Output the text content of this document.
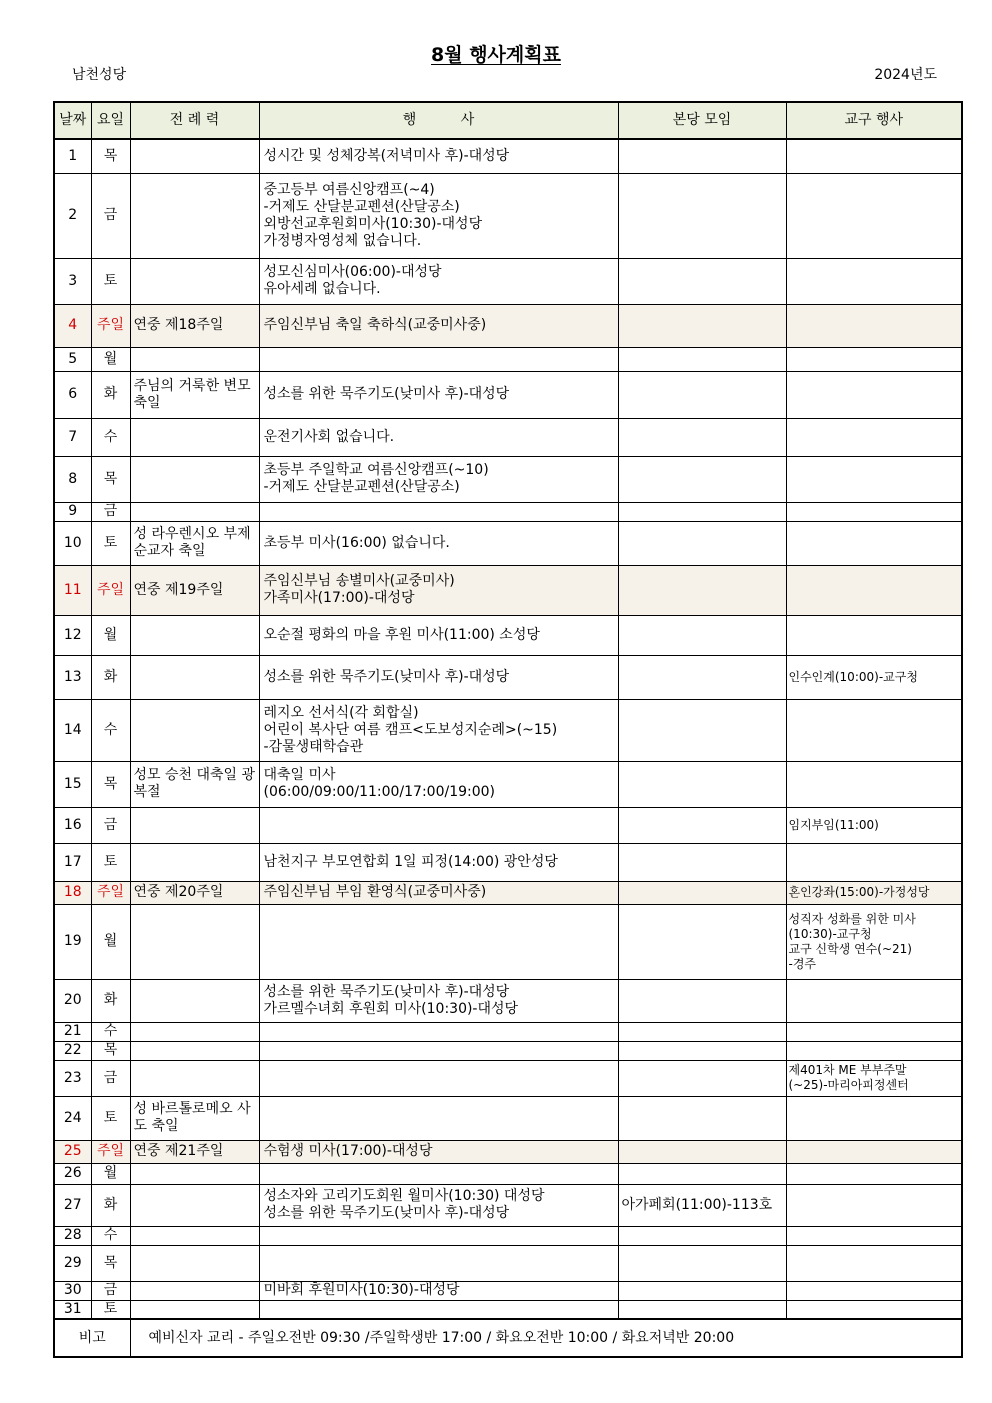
8월 행사계획표
남천성당	2024년도
날짜	요일	전 례 력	행          사	본당 모임	교구 행사
1	목		성시간 및 성체강복(저녁미사 후)-대성당		

2	금		중고등부 여름신앙캠프(~4)
-거제도 산달분교펜션(산달공소)
외방선교후원회미사(10:30)-대성당
가정병자영성체 없습니다.		

3	토		성모신심미사(06:00)-대성당
유아세례 없습니다.		

4	주일	연중 제18주일	주임신부님 축일 축하식(교중미사중)		

5	월				
6	화	주님의 거룩한 변모 축일	성소를 위한 묵주기도(낮미사 후)-대성당		

7	수		운전기사회 없습니다.		

8	목		초등부 주일학교 여름신앙캠프(~10)
-거제도 산달분교펜션(산달공소)		

9	금				
10	토	성 라우렌시오 부제 순교자 축일	초등부 미사(16:00) 없습니다.		

11	주일	연중 제19주일	주임신부님 송별미사(교중미사)
가족미사(17:00)-대성당		

12	월		오순절 평화의 마을 후원 미사(11:00) 소성당		

13	화		성소를 위한 묵주기도(낮미사 후)-대성당		인수인계(10:00)-교구청

14	수		레지오 선서식(각 회합실)
어린이 복사단 여름 캠프<도보성지순례>(~15)
-감물생태학습관		

15	목	성모 승천 대축일 광복절	대축일 미사
(06:00/09:00/11:00/17:00/19:00)		

16	금				임지부임(11:00)

17	토		남천지구 부모연합회 1일 피정(14:00) 광안성당		

18	주일	연중 제20주일	주임신부님 부임 환영식(교중미사중)		혼인강좌(15:00)-가정성당

19	월				성직자 성화를 위한 미사
(10:30)-교구청
교구 신학생 연수(~21)
-경주

20	화		성소를 위한 묵주기도(낮미사 후)-대성당
가르멜수녀회 후원회 미사(10:30)-대성당		

21	수				
22	목				
23	금				제401차 ME 부부주말
(~25)-마리아피정센터

24	토	성 바르톨로메오 사도 축일			
25	주일	연중 제21주일	수험생 미사(17:00)-대성당		

26	월				
27	화		성소자와 고리기도회원 월미사(10:30) 대성당
성소를 위한 묵주기도(낮미사 후)-대성당	아가페회(11:00)-113호	
28	수				
29	목				
30	금		미바회 후원미사(10:30)-대성당		

31	토				
비고		예비신자 교리 - 주일오전반 09:30 /주일학생반 17:00 / 화요오전반 10:00 / 화요저녁반 20:00			
